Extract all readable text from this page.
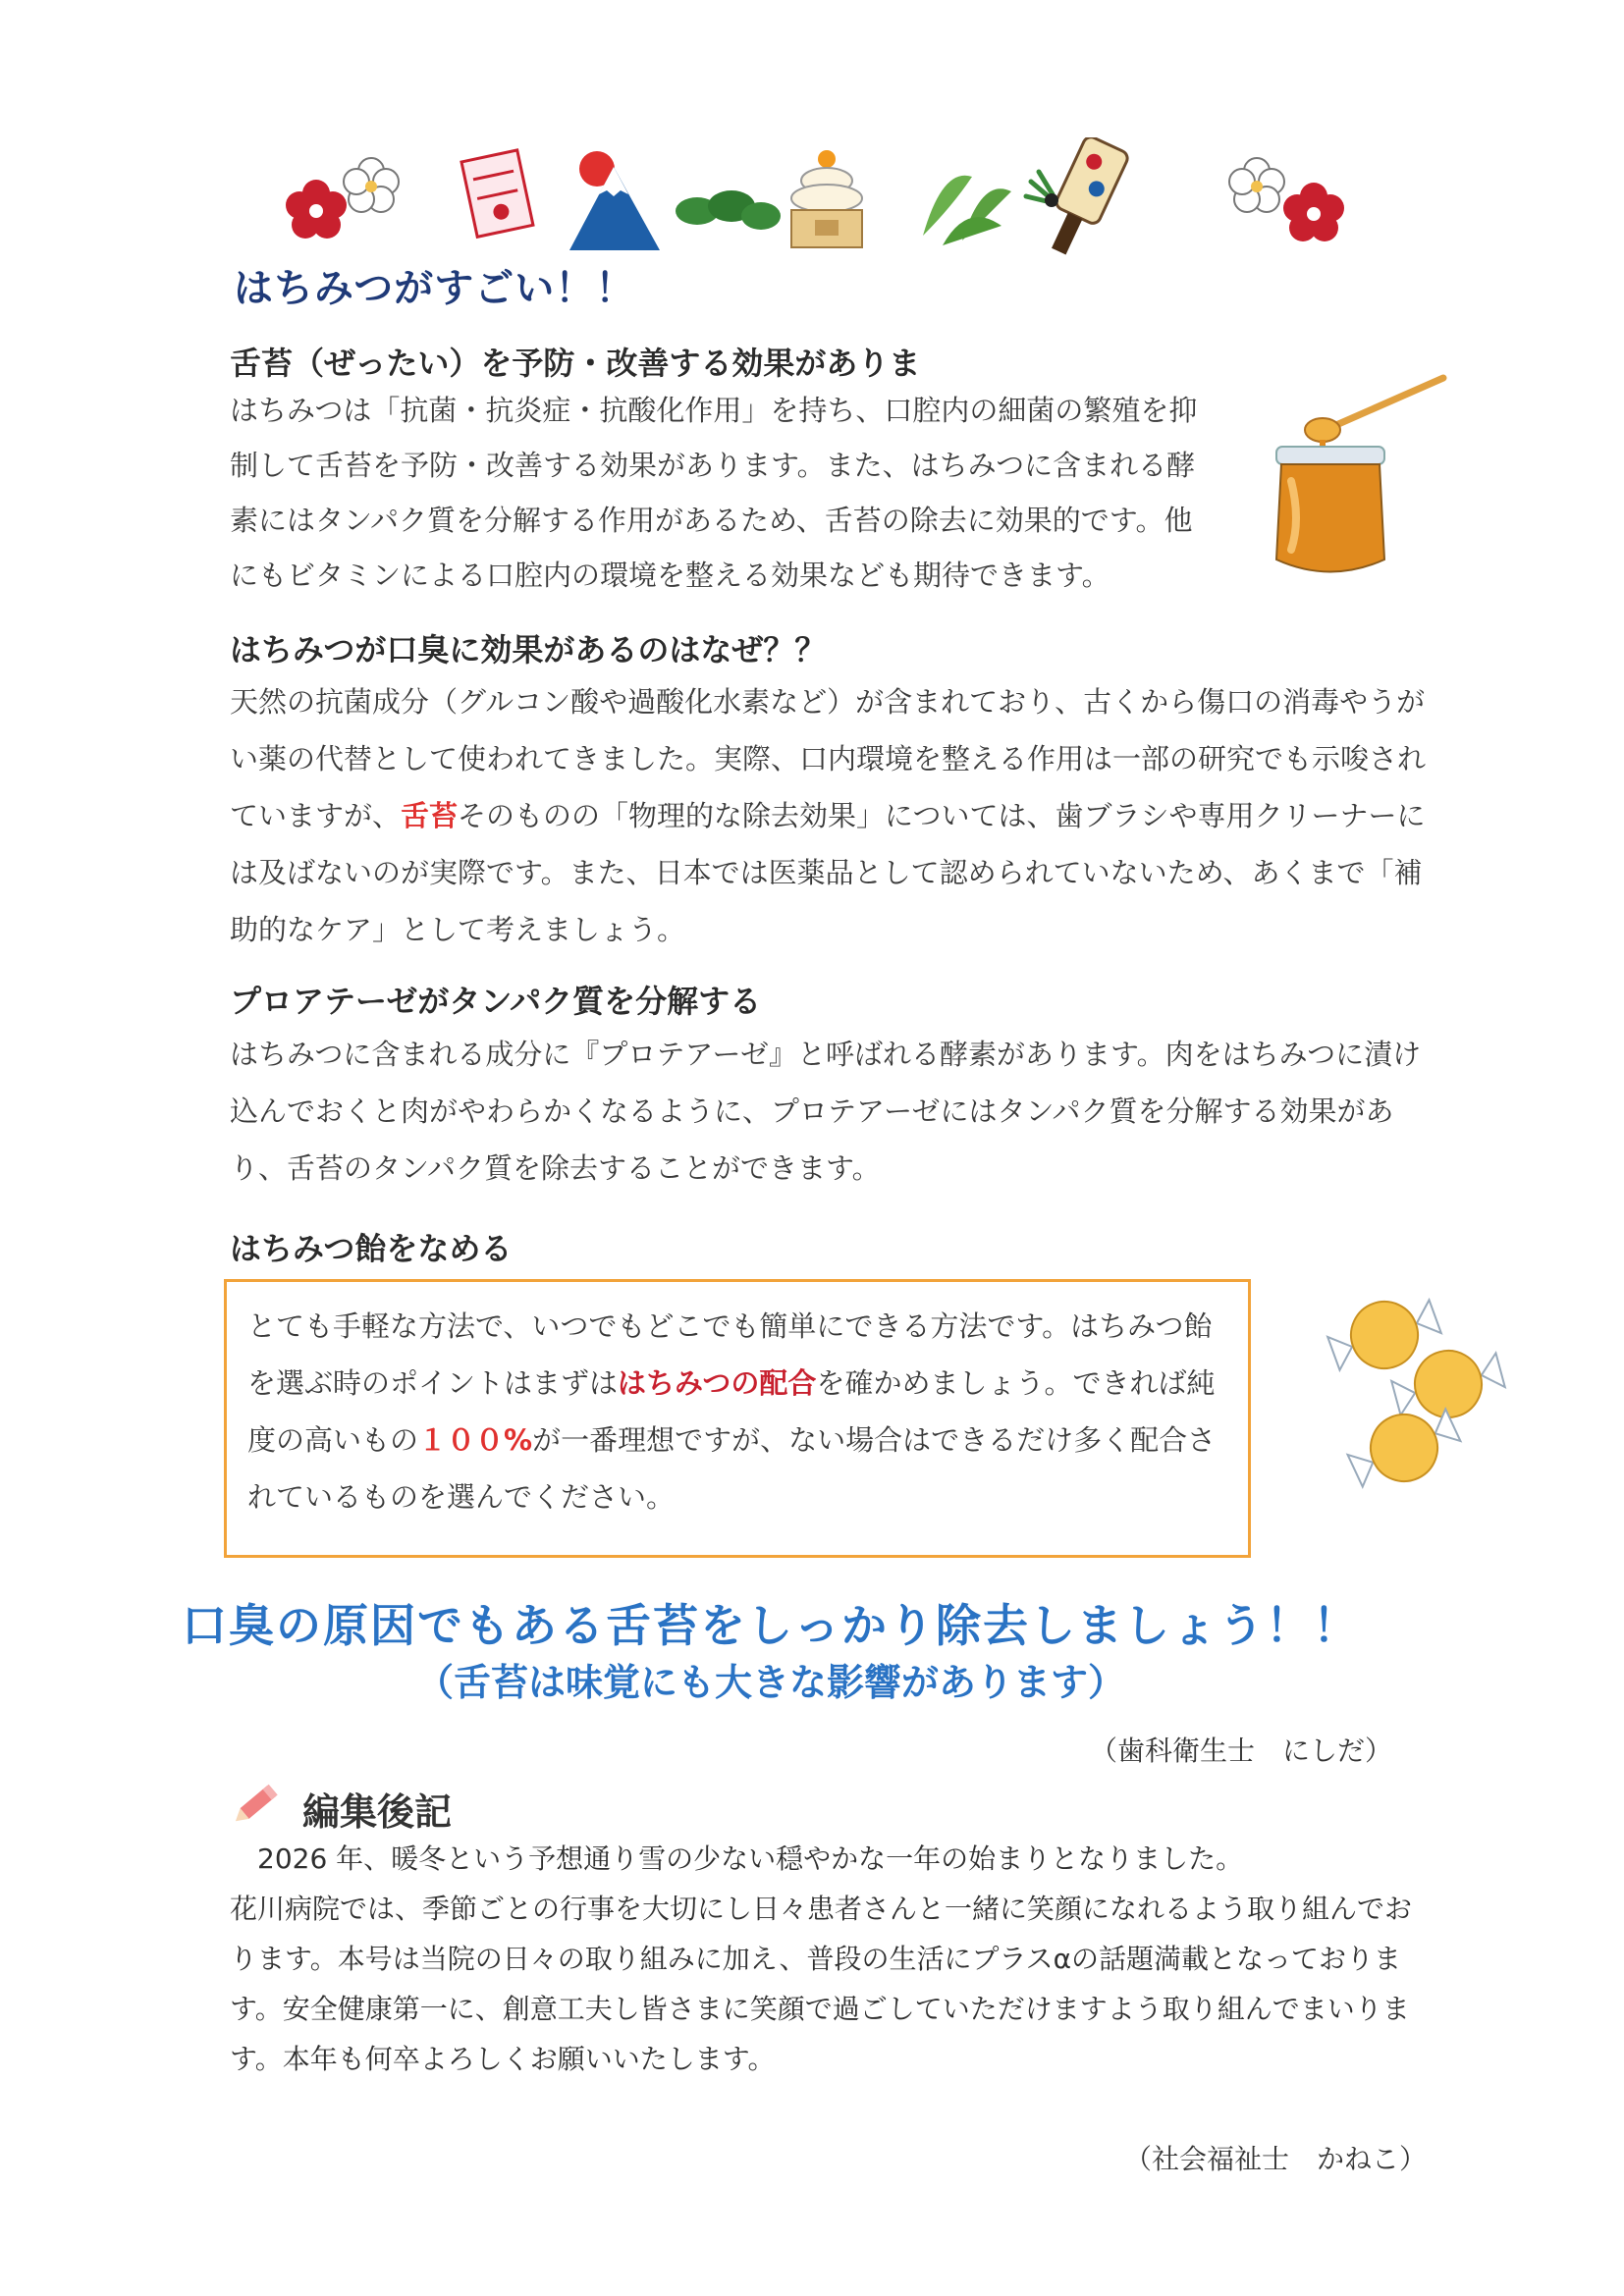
はちみつがすごい！！
舌苔（ぜったい）を予防・改善する効果がありま

はちみつは「抗菌・抗炎症・抗酸化作用」を持ち、口腔内の細菌の繁殖を抑制して舌苔を予防・改善する効果があります。また、はちみつに含まれる酵素にはタンパク質を分解する作用があるため、舌苔の除去に効果的です。他にもビタミンによる口腔内の環境を整える効果なども期待できます。

はちみつが口臭に効果があるのはなぜ？？

天然の抗菌成分（グルコン酸や過酸化水素など）が含まれており、古くから傷口の消毒やうがい薬の代替として使われてきました。実際、口内環境を整える作用は一部の研究でも示唆されていますが、舌苔そのものの「物理的な除去効果」については、歯ブラシや専用クリーナーには及ばないのが実際です。また、日本では医薬品として認められていないため、あくまで「補助的なケア」として考えましょう。

プロアテーゼがタンパク質を分解する

はちみつに含まれる成分に『プロテアーゼ』と呼ばれる酵素があります。肉をはちみつに漬け込んでおくと肉がやわらかくなるように、プロテアーゼにはタンパク質を分解する効果があり、舌苔のタンパク質を除去することができます。

はちみつ飴をなめる

とても手軽な方法で、いつでもどこでも簡単にできる方法です。はちみつ飴を選ぶ時のポイントはまずははちみつの配合を確かめましょう。できれば純度の高いもの１００%が一番理想ですが、ない場合はできるだけ多く配合されているものを選んでください。

口臭の原因でもある舌苔をしっかり除去しましょう！！
（舌苔は味覚にも大きな影響があります）

（歯科衛生士　にしだ）

編集後記
　2026 年、暖冬という予想通り雪の少ない穏やかな一年の始まりとなりました。
花川病院では、季節ごとの行事を大切にし日々患者さんと一緒に笑顔になれるよう取り組んでおります。本号は当院の日々の取り組みに加え、普段の生活にプラスαの話題満載となっております。安全健康第一に、創意工夫し皆さまに笑顔で過ごしていただけますよう取り組んでまいります。本年も何卒よろしくお願いいたします。

（社会福祉士　かねこ）
